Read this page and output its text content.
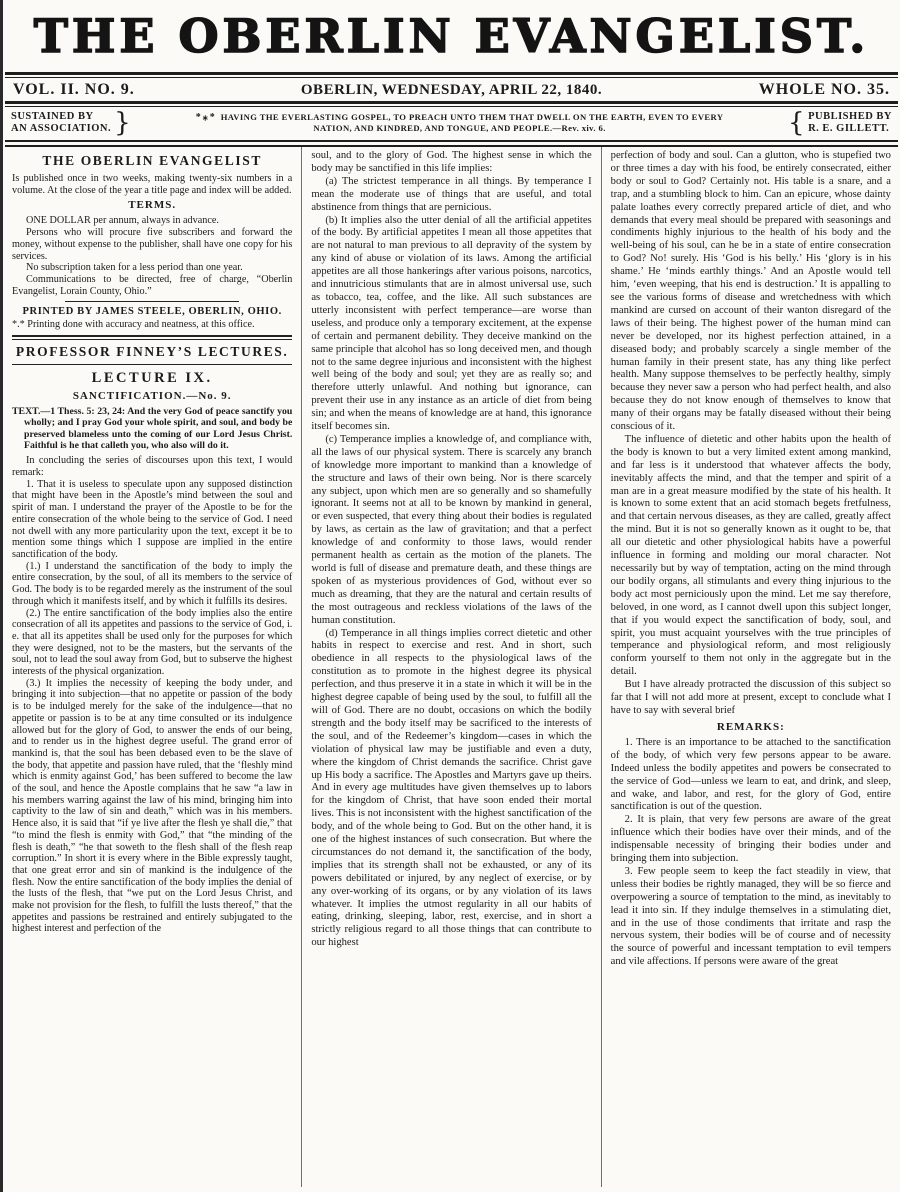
THE OBERLIN EVANGELIST.
VOL. II. NO. 9.	OBERLIN, WEDNESDAY, APRIL 22, 1840.	WHOLE NO. 35.
SUSTAINED BY
AN ASSOCIATION. }	*⁎* HAVING THE EVERLASTING GOSPEL, TO PREACH UNTO THEM THAT DWELL ON THE EARTH, EVEN TO EVERY
NATION, AND KINDRED, AND TONGUE, AND PEOPLE.—Rev. xiv. 6.	{ PUBLISHED BY
R. E. GILLETT.
THE OBERLIN EVANGELIST
Is published once in two weeks, making twenty-six numbers in a volume. At the close of the year a title page and index will be added.
TERMS.
ONE DOLLAR per annum, always in advance.
Persons who will procure five subscribers and forward the money, without expense to the publisher, shall have one copy for his services.
No subscription taken for a less period than one year.
Communications to be directed, free of charge, “Oberlin Evangelist, Lorain County, Ohio.”
PRINTED BY JAMES STEELE, OBERLIN, OHIO.
*.* Printing done with accuracy and neatness, at this office.
PROFESSOR FINNEY’S LECTURES.
LECTURE IX.
SANCTIFICATION.—No. 9.
TEXT.—1 Thess. 5: 23, 24: And the very God of peace sanctify you wholly; and I pray God your whole spirit, and soul, and body be preserved blameless unto the coming of our Lord Jesus Christ. Faithful is he that calleth you, who also will do it.
In concluding the series of discourses upon this text, I would remark:
1. That it is useless to speculate upon any supposed distinction that might have been in the Apostle’s mind between the soul and spirit of man. I understand the prayer of the Apostle to be for the entire consecration of the whole being to the service of God. I need not dwell with any more particularity upon the text, except it be to mention some things which I suppose are implied in the entire sanctification of the body.
(1.) I understand the sanctification of the body to imply the entire consecration, by the soul, of all its members to the service of God. The body is to be regarded merely as the instrument of the soul through which it manifests itself, and by which it fulfills its desires.
(2.) The entire sanctification of the body implies also the entire consecration of all its appetites and passions to the service of God, i. e. that all its appetites shall be used only for the purposes for which they were designed, not to be the masters, but the servants of the soul, not to lead the soul away from God, but to subserve the highest interests of the physical organization.
(3.) It implies the necessity of keeping the body under, and bringing it into subjection—that no appetite or passion of the body is to be indulged merely for the sake of the indulgence—that no appetite or passion is to be at any time consulted or its indulgence allowed but for the glory of God, to answer the ends of our being, and to render us in the highest degree useful. The grand error of mankind is, that the soul has been debased even to be the slave of the body, that appetite and passion have ruled, that the ‘fleshly mind which is enmity against God,’ has been suffered to become the law of the soul, and hence the Apostle complains that he saw “a law in his members warring against the law of his mind, bringing him into captivity to the law of sin and death,” which was in his members. Hence also, it is said that “if ye live after the flesh ye shall die,” that “to mind the flesh is enmity with God,” that “the minding of the flesh is death,” “he that soweth to the flesh shall of the flesh reap corruption.” In short it is every where in the Bible expressly taught, that one great error and sin of mankind is the indulgence of the flesh. Now the entire sanctification of the body implies the denial of the lusts of the flesh, that “we put on the Lord Jesus Christ, and make not provision for the flesh, to fulfill the lusts thereof,” that the appetites and passions be restrained and entirely subjugated to the highest interest and perfection of the
soul, and to the glory of God. The highest sense in which the body may be sanctified in this life implies:
(a) The strictest temperance in all things. By temperance I mean the moderate use of things that are useful, and total abstinence from things that are pernicious.
(b) It implies also the utter denial of all the artificial appetites of the body. By artificial appetites I mean all those appetites that are not natural to man previous to all depravity of the system by any kind of abuse or violation of its laws. Among the artificial appetites are all those hankerings after various poisons, narcotics, and innutricious stimulants that are in almost universal use, such as tobacco, tea, coffee, and the like. All such substances are utterly inconsistent with perfect temperance—are worse than useless, and produce only a temporary excitement, at the expense of certain and permanent debility. They deceive mankind on the same principle that alcohol has so long deceived men, and though not to the same degree injurious and inconsistent with the highest well being of the body and soul; yet they are as really so; and therefore utterly unlawful. And nothing but ignorance, can prevent their use in any instance as an article of diet from being sin; and when the means of knowledge are at hand, this ignorance itself becomes sin.
(c) Temperance implies a knowledge of, and compliance with, all the laws of our physical system. There is scarcely any branch of knowledge more important to mankind than a knowledge of the structure and laws of their own being. Nor is there scarcely any subject, upon which men are so generally and so shamefully ignorant. It seems not at all to be known by mankind in general, or even suspected, that every thing about their bodies is regulated by laws, as certain as the law of gravitation; and that a perfect knowledge of and conformity to those laws, would render permanent health as certain as the motion of the planets. The world is full of disease and premature death, and these things are spoken of as mysterious providences of God, without ever so much as dreaming, that they are the natural and certain results of the most outrageous and reckless violations of the laws of the human constitution.
(d) Temperance in all things implies correct dietetic and other habits in respect to exercise and rest. And in short, such obedience in all respects to the physiological laws of the constitution as to promote in the highest degree its physical perfection, and thus preserve it in a state in which it will be in the highest degree capable of being used by the soul, to fulfill all the will of God. There are no doubt, occasions on which the bodily strength and the body itself may be sacrificed to the interests of the soul, and of the Redeemer’s kingdom—cases in which the violation of physical law may be justifiable and even a duty, where the kingdom of Christ demands the sacrifice. Christ gave up His body a sacrifice. The Apostles and Martyrs gave up theirs. And in every age multitudes have given themselves up to labors for the kingdom of Christ, that have soon ended their mortal lives. This is not inconsistent with the highest sanctification of the body, and of the whole being to God. But on the other hand, it is one of the highest instances of such consecration. But where the circumstances do not demand it, the sanctification of the body, implies that its strength shall not be exhausted, or any of its powers debilitated or injured, by any neglect of exercise, or by any over-working of its organs, or by any violation of its laws whatever. It implies the utmost regularity in all our habits of eating, drinking, sleeping, labor, rest, exercise, and in short a strictly religious regard to all those things that can contribute to our highest
perfection of body and soul. Can a glutton, who is stupefied two or three times a day with his food, be entirely consecrated, either body or soul to God? Certainly not. His table is a snare, and a trap, and a stumbling block to him. Can an epicure, whose dainty palate loathes every correctly prepared article of diet, and who demands that every meal should be prepared with seasonings and condiments highly injurious to the health of his body and the well-being of his soul, can he be in a state of entire consecration to God? No! surely. His ‘God is his belly.’ His ‘glory is in his shame.’ He ‘minds earthly things.’ And an Apostle would tell him, ‘even weeping, that his end is destruction.’ It is appalling to see the various forms of disease and wretchedness with which mankind are cursed on account of their wanton disregard of the laws of their being. The highest power of the human mind can never be developed, nor its highest perfection attained, in a diseased body; and probably scarcely a single member of the human family in their present state, has any thing like perfect health. Many suppose themselves to be perfectly healthy, simply because they never saw a person who had perfect health, and also because they do not know enough of themselves to know that many of their organs may be fatally diseased without their being conscious of it.
The influence of dietetic and other habits upon the health of the body is known to but a very limited extent among mankind, and far less is it understood that whatever affects the body, inevitably affects the mind, and that the temper and spirit of a man are in a great measure modified by the state of his health. It is known to some extent that an acid stomach begets fretfulness, and that certain nervous diseases, as they are called, greatly affect the mind. But it is not so generally known as it ought to be, that all our dietetic and other physiological habits have a powerful influence in forming and molding our moral character. Not necessarily but by way of temptation, acting on the mind through our bodily organs, all stimulants and every thing injurious to the body act most perniciously upon the mind. Let me say therefore, beloved, in one word, as I cannot dwell upon this subject longer, that if you would expect the sanctification of body, soul, and spirit, you must acquaint yourselves with the true principles of temperance and physiological reform, and most religiously conform yourself to them not only in the aggregate but in the detail.
But I have already protracted the discussion of this subject so far that I will not add more at present, except to conclude what I have to say with several brief
REMARKS:
1. There is an importance to be attached to the sanctification of the body, of which very few persons appear to be aware. Indeed unless the bodily appetites and powers be consecrated to the service of God—unless we learn to eat, and drink, and sleep, and wake, and labor, and rest, for the glory of God, entire sanctification is out of the question.
2. It is plain, that very few persons are aware of the great influence which their bodies have over their minds, and of the indispensable necessity of bringing their bodies under and bringing them into subjection.
3. Few people seem to keep the fact steadily in view, that unless their bodies be rightly managed, they will be so fierce and overpowering a source of temptation to the mind, as inevitably to lead it into sin. If they indulge themselves in a stimulating diet, and in the use of those condiments that irritate and rasp the nervous system, their bodies will be of course and of necessity the source of powerful and incessant temptation to evil tempers and vile affections. If persons were aware of the great
